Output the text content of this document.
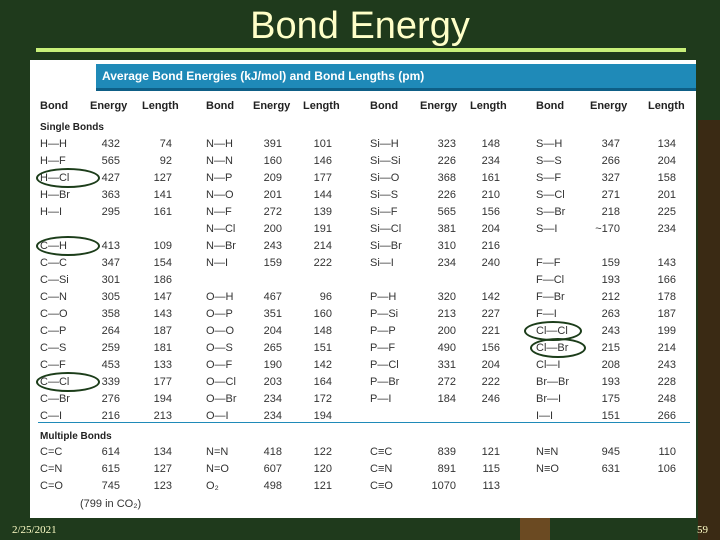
Bond Energy
Average Bond Energies (kJ/mol) and Bond Lengths (pm)
Bond Energy Length Bond Energy Length	Bond Energy Length	Bond Energy Length
Single Bonds
H—H	432	74	N—H	391	101	Si—H	323	148	S—H	347	134
H—F	565	92	N—N	160	146	Si—Si	226	234	S—S	266	204
H—Cl	427	127	N—P	209	177	Si—O	368	161	S—F	327	158
H—Br	363	141	N—O	201	144	Si—S	226	210	S—Cl	271	201
H—I	295	161	N—F	272	139	Si—F	565	156	S—Br	218	225
N—Cl	200	191	Si—Cl	381	204	S—I	~170	234
C—H	413	109	N—Br	243	214	Si—Br	310	216
C—C	347	154	N—I	159	222	Si—I	234	240	F—F	159	143
C—Si	301	186	F—Cl	193	166
C—N	305	147	O—H	467	96	P—H	320	142	F—Br	212	178
C—O	358	143	O—P	351	160	P—Si	213	227	F—I	263	187
C—P	264	187	O—O	204	148	P—P	200	221	Cl—Cl	243	199
C—S	259	181	O—S	265	151	P—F	490	156	Cl—Br	215	214
C—F	453	133	O—F	190	142	P—Cl	331	204	Cl—I	208	243
C—Cl	339	177	O—Cl	203	164	P—Br	272	222	Br—Br	193	228
C—Br	276	194	O—Br	234	172	P—I	184	246	Br—I	175	248
C—I	216	213	O—I	234	194	I—I	151	266
Multiple Bonds
C=C	614	134	N=N	418	122	C≡C	839	121	N≡N	945	110
C=N	615	127	N=O	607	120	C≡N	891	115	N≡O	631	106
C=O	745	123	O₂	498	121	C≡O	1070	113
(799 in CO₂)
2/25/2021	59
